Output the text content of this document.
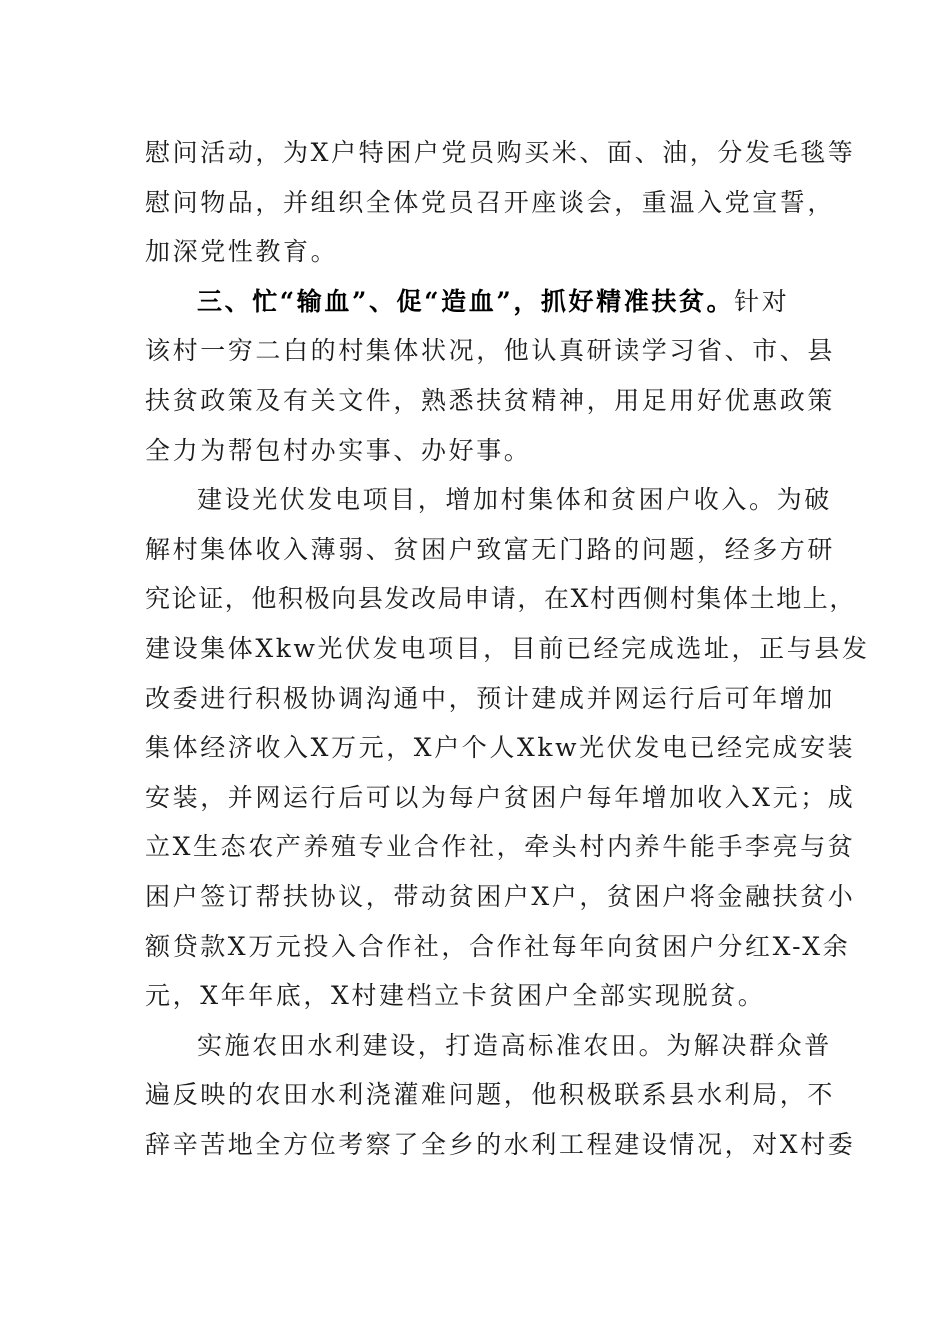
慰问活动，为X户特困户党员购买米、面、油，分发毛毯等
慰问物品，并组织全体党员召开座谈会，重温入党宣誓，
加深党性教育。
三、忙“输血”、促“造血”，抓好精准扶贫。针对
该村一穷二白的村集体状况，他认真研读学习省、市、县
扶贫政策及有关文件，熟悉扶贫精神，用足用好优惠政策
全力为帮包村办实事、办好事。
建设光伏发电项目，增加村集体和贫困户收入。为破
解村集体收入薄弱、贫困户致富无门路的问题，经多方研
究论证，他积极向县发改局申请，在X村西侧村集体土地上，
建设集体Xkw光伏发电项目，目前已经完成选址，正与县发
改委进行积极协调沟通中，预计建成并网运行后可年增加
集体经济收入X万元，X户个人Xkw光伏发电已经完成安装
安装，并网运行后可以为每户贫困户每年增加收入X元；成
立X生态农产养殖专业合作社，牵头村内养牛能手李亮与贫
困户签订帮扶协议，带动贫困户X户，贫困户将金融扶贫小
额贷款X万元投入合作社，合作社每年向贫困户分红X-X余
元，X年年底，X村建档立卡贫困户全部实现脱贫。
实施农田水利建设，打造高标准农田。为解决群众普
遍反映的农田水利浇灌难问题，他积极联系县水利局，不
辞辛苦地全方位考察了全乡的水利工程建设情况，对X村委
